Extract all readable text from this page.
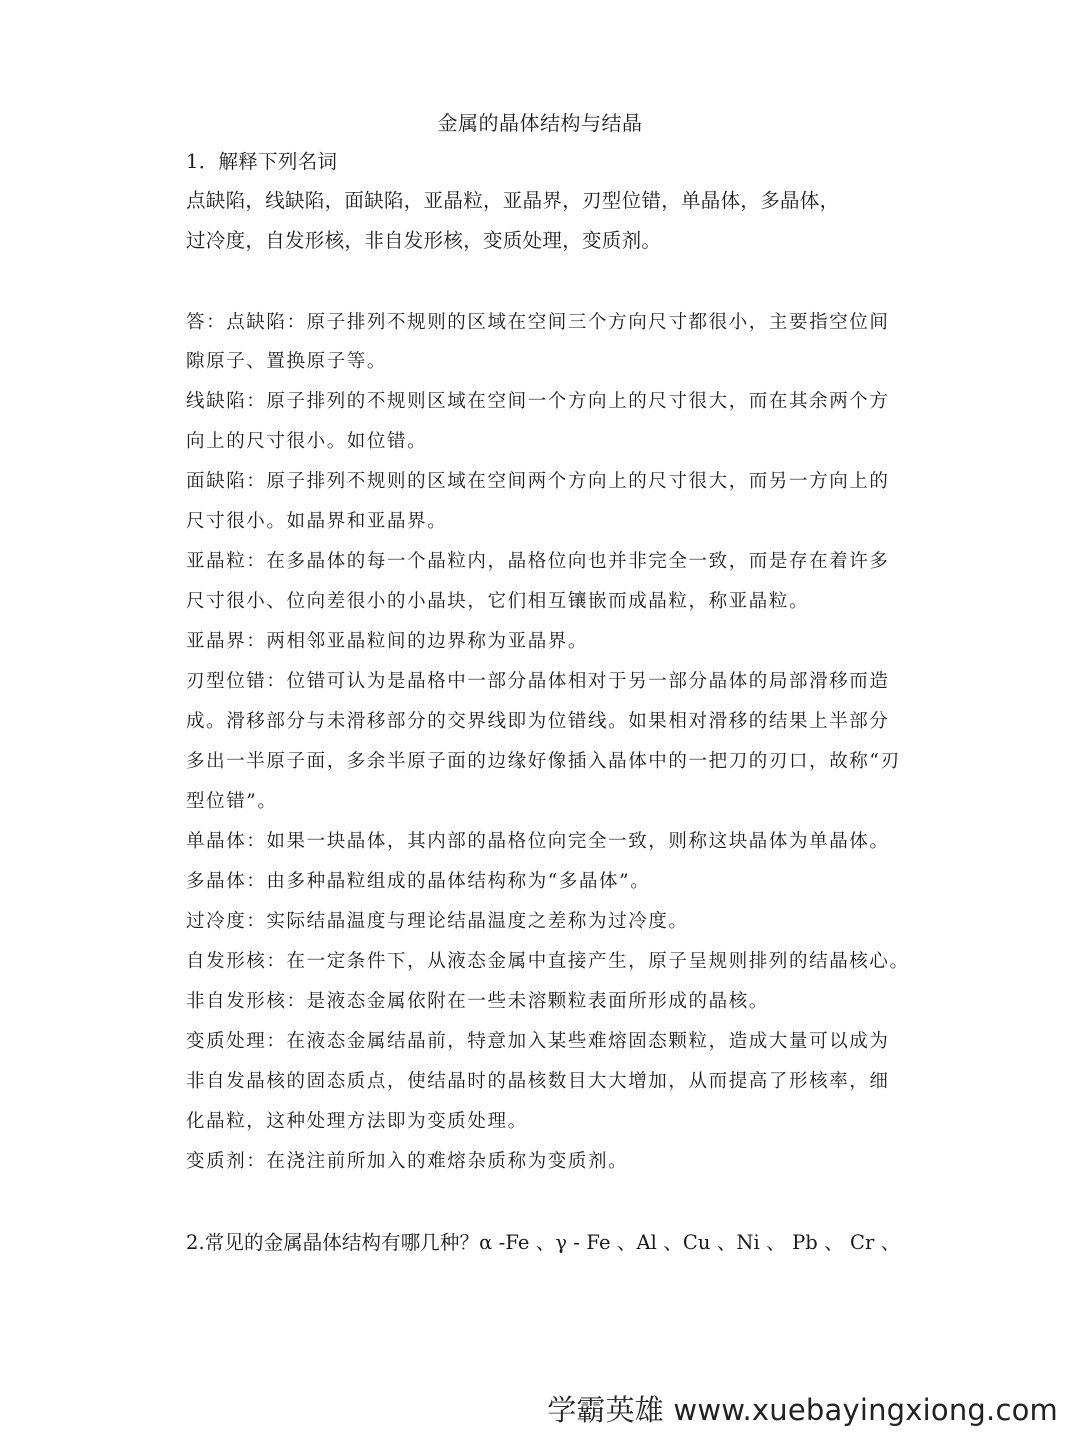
金属的晶体结构与结晶
1．解释下列名词
点缺陷，线缺陷，面缺陷，亚晶粒，亚晶界，刃型位错，单晶体，多晶体，
过冷度，自发形核，非自发形核，变质处理，变质剂。
答：点缺陷：原子排列不规则的区域在空间三个方向尺寸都很小，主要指空位间
隙原子、置换原子等。
线缺陷：原子排列的不规则区域在空间一个方向上的尺寸很大，而在其余两个方
向上的尺寸很小。如位错。
面缺陷：原子排列不规则的区域在空间两个方向上的尺寸很大，而另一方向上的
尺寸很小。如晶界和亚晶界。
亚晶粒：在多晶体的每一个晶粒内，晶格位向也并非完全一致，而是存在着许多
尺寸很小、位向差很小的小晶块，它们相互镶嵌而成晶粒，称亚晶粒。
亚晶界：两相邻亚晶粒间的边界称为亚晶界。
刃型位错：位错可认为是晶格中一部分晶体相对于另一部分晶体的局部滑移而造
成。滑移部分与未滑移部分的交界线即为位错线。如果相对滑移的结果上半部分
多出一半原子面，多余半原子面的边缘好像插入晶体中的一把刀的刃口，故称“刃
型位错”。
单晶体：如果一块晶体，其内部的晶格位向完全一致，则称这块晶体为单晶体。
多晶体：由多种晶粒组成的晶体结构称为“多晶体”。
过冷度：实际结晶温度与理论结晶温度之差称为过冷度。
自发形核：在一定条件下，从液态金属中直接产生，原子呈规则排列的结晶核心。
非自发形核：是液态金属依附在一些未溶颗粒表面所形成的晶核。
变质处理：在液态金属结晶前，特意加入某些难熔固态颗粒，造成大量可以成为
非自发晶核的固态质点，使结晶时的晶核数目大大增加，从而提高了形核率，细
化晶粒，这种处理方法即为变质处理。
变质剂：在浇注前所加入的难熔杂质称为变质剂。
2.常见的金属晶体结构有哪几种？α -Fe 、γ - Fe 、Al 、Cu 、Ni 、 Pb 、 Cr 、
学霸英雄 www.xuebayingxiong.com
